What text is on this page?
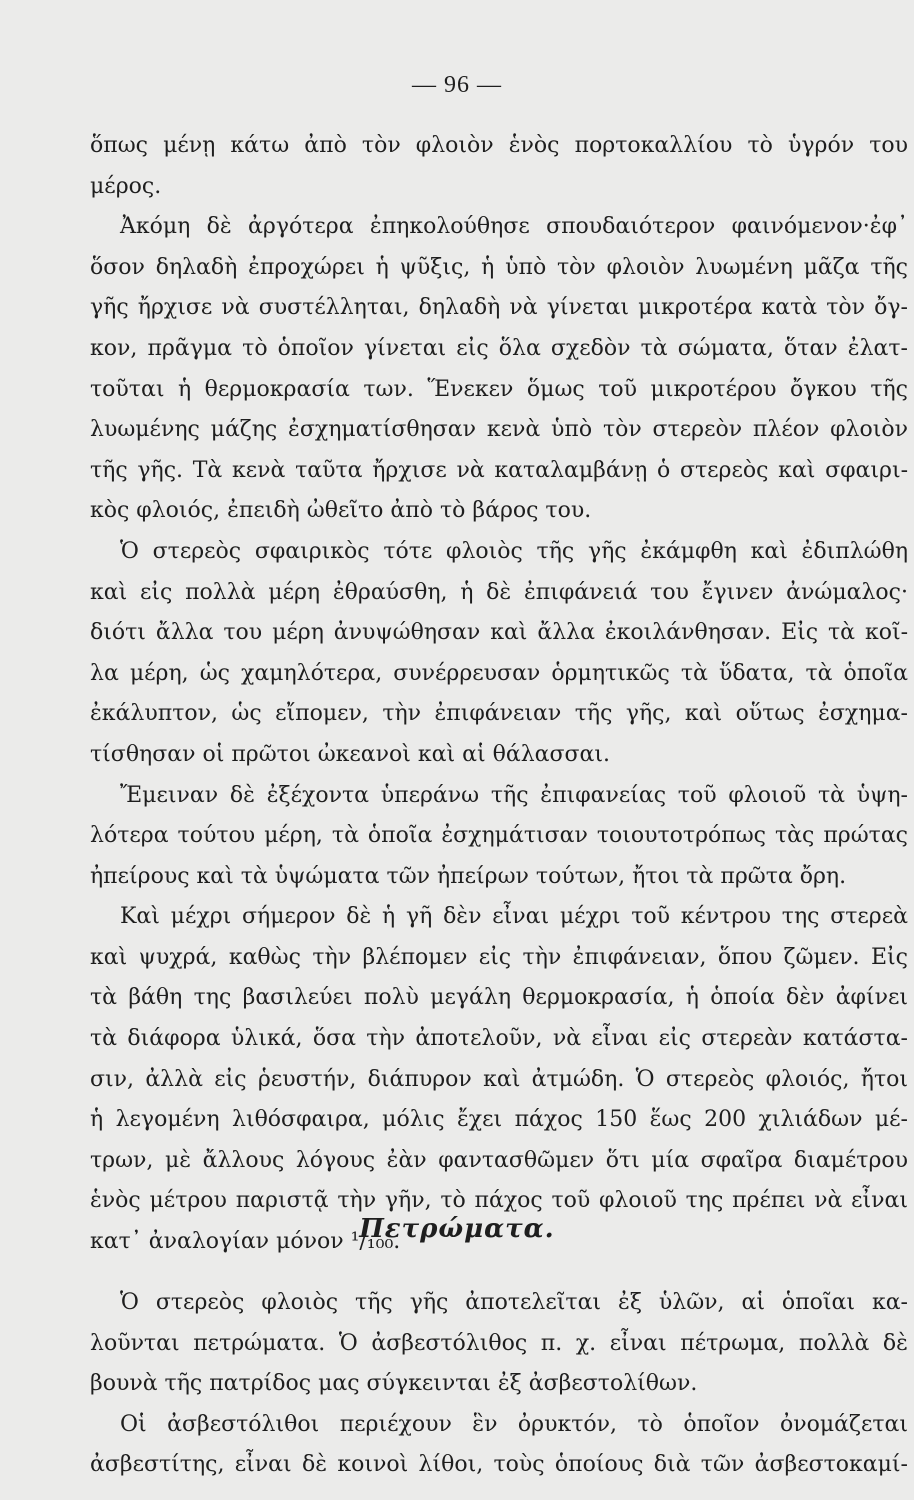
— 96 —
ὅπως μένῃ κάτω ἀπὸ τὸν φλοιὸν ἑνὸς πορτοκαλλίου τὸ ὑγρόν του
μέρος.
Ἀκόμη δὲ ἀργότερα ἐπηκολούθησε σπουδαιότερον φαινόμενον·ἐφ᾽
ὅσον δηλαδὴ ἐπροχώρει ἡ ψῦξις, ἡ ὑπὸ τὸν φλοιὸν λυωμένη μᾶζα τῆς
γῆς ἤρχισε νὰ συστέλληται, δηλαδὴ νὰ γίνεται μικροτέρα κατὰ τὸν ὄγ-
κον, πρᾶγμα τὸ ὁποῖον γίνεται εἰς ὅλα σχεδὸν τὰ σώματα, ὅταν ἐλατ-
τοῦται ἡ θερμοκρασία των. Ἕνεκεν ὅμως τοῦ μικροτέρου ὄγκου τῆς
λυωμένης μάζης ἐσχηματίσθησαν κενὰ ὑπὸ τὸν στερεὸν πλέον φλοιὸν
τῆς γῆς. Τὰ κενὰ ταῦτα ἤρχισε νὰ καταλαμβάνῃ ὁ στερεὸς καὶ σφαιρι-
κὸς φλοιός, ἐπειδὴ ὠθεῖτο ἀπὸ τὸ βάρος του.
Ὁ στερεὸς σφαιρικὸς τότε φλοιὸς τῆς γῆς ἐκάμφθη καὶ ἐδιπλώθη
καὶ εἰς πολλὰ μέρη ἐθραύσθη, ἡ δὲ ἐπιφάνειά του ἔγινεν ἀνώμαλος·
διότι ἄλλα του μέρη ἀνυψώθησαν καὶ ἄλλα ἐκοιλάνθησαν. Εἰς τὰ κοῖ-
λα μέρη, ὡς χαμηλότερα, συνέρρευσαν ὁρμητικῶς τὰ ὕδατα, τὰ ὁποῖα
ἐκάλυπτον, ὡς εἴπομεν, τὴν ἐπιφάνειαν τῆς γῆς, καὶ οὕτως ἐσχημα-
τίσθησαν οἱ πρῶτοι ὠκεανοὶ καὶ αἱ θάλασσαι.
Ἔμειναν δὲ ἐξέχοντα ὑπεράνω τῆς ἐπιφανείας τοῦ φλοιοῦ τὰ ὑψη-
λότερα τούτου μέρη, τὰ ὁποῖα ἐσχημάτισαν τοιουτοτρόπως τὰς πρώτας
ἠπείρους καὶ τὰ ὑψώματα τῶν ἠπείρων τούτων, ἤτοι τὰ πρῶτα ὄρη.
Καὶ μέχρι σήμερον δὲ ἡ γῆ δὲν εἶναι μέχρι τοῦ κέντρου της στερεὰ
καὶ ψυχρά, καθὼς τὴν βλέπομεν εἰς τὴν ἐπιφάνειαν, ὅπου ζῶμεν. Εἰς
τὰ βάθη της βασιλεύει πολὺ μεγάλη θερμοκρασία, ἡ ὁποία δὲν ἀφίνει
τὰ διάφορα ὑλικά, ὅσα τὴν ἀποτελοῦν, νὰ εἶναι εἰς στερεὰν κατάστα-
σιν, ἀλλὰ εἰς ῥευστήν, διάπυρον καὶ ἀτμώδη. Ὁ στερεὸς φλοιός, ἤτοι
ἡ λεγομένη λιθόσφαιρα, μόλις ἔχει πάχος 150 ἕως 200 χιλιάδων μέ-
τρων, μὲ ἄλλους λόγους ἐὰν φαντασθῶμεν ὅτι μία σφαῖρα διαμέτρου
ἑνὸς μέτρου παριστᾷ τὴν γῆν, τὸ πάχος τοῦ φλοιοῦ της πρέπει νὰ εἶναι
κατ᾽ ἀναλογίαν μόνον ¹/₁₀₀.
Πετρώματα.
Ὁ στερεὸς φλοιὸς τῆς γῆς ἀποτελεῖται ἐξ ὑλῶν, αἱ ὁποῖαι κα-
λοῦνται πετρώματα. Ὁ ἀσβεστόλιθος π. χ. εἶναι πέτρωμα, πολλὰ δὲ
βουνὰ τῆς πατρίδος μας σύγκεινται ἐξ ἀσβεστολίθων.
Οἱ ἀσβεστόλιθοι περιέχουν ἓν ὀρυκτόν, τὸ ὁποῖον ὀνομάζεται
ἀσβεστίτης, εἶναι δὲ κοινοὶ λίθοι, τοὺς ὁποίους διὰ τῶν ἀσβεστοκαμί-
